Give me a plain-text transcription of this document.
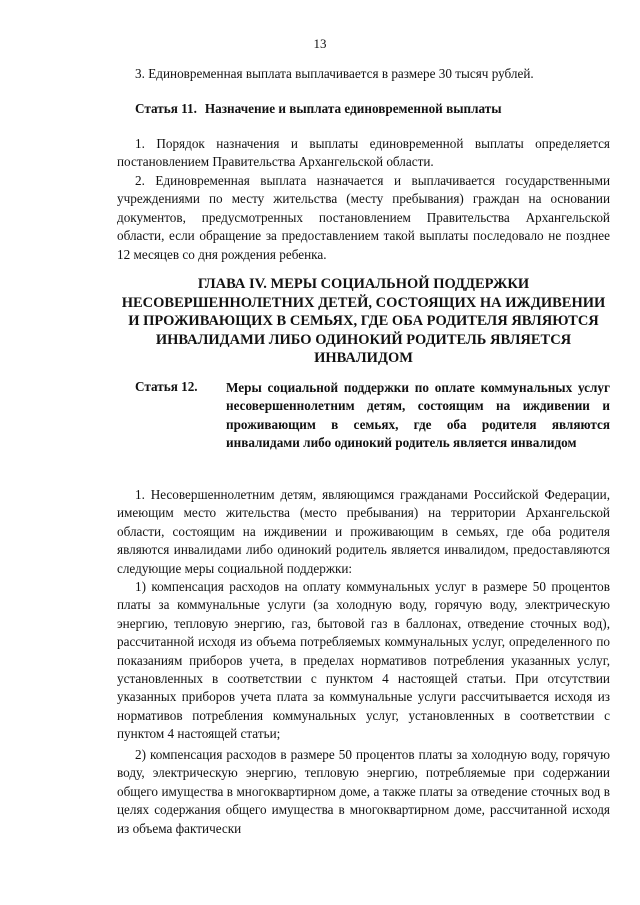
13

3. Единовременная выплата выплачивается в размере 30 тысяч рублей.

Статья 11. Назначение и выплата единовременной выплаты

1. Порядок назначения и выплаты единовременной выплаты определяется постановлением Правительства Архангельской области.

2. Единовременная выплата назначается и выплачивается государственными учреждениями по месту жительства (месту пребывания) граждан на основании документов, предусмотренных постановлением Правительства Архангельской области, если обращение за предоставлением такой выплаты последовало не позднее 12 месяцев со дня рождения ребенка.

ГЛАВА IV. МЕРЫ СОЦИАЛЬНОЙ ПОДДЕРЖКИ НЕСОВЕРШЕННОЛЕТНИХ ДЕТЕЙ, СОСТОЯЩИХ НА ИЖДИВЕНИИ И ПРОЖИВАЮЩИХ В СЕМЬЯХ, ГДЕ ОБА РОДИТЕЛЯ ЯВЛЯЮТСЯ ИНВАЛИДАМИ ЛИБО ОДИНОКИЙ РОДИТЕЛЬ ЯВЛЯЕТСЯ ИНВАЛИДОМ
Статья 12. Меры социальной поддержки по оплате коммунальных услуг несовершеннолетним детям, состоящим на иждивении и проживающим в семьях, где оба родителя являются инвалидами либо одинокий родитель является инвалидом

1. Несовершеннолетним детям, являющимся гражданами Российской Федерации, имеющим место жительства (место пребывания) на территории Архангельской области, состоящим на иждивении и проживающим в семьях, где оба родителя являются инвалидами либо одинокий родитель является инвалидом, предоставляются следующие меры социальной поддержки:

1) компенсация расходов на оплату коммунальных услуг в размере 50 процентов платы за коммунальные услуги (за холодную воду, горячую воду, электрическую энергию, тепловую энергию, газ, бытовой газ в баллонах, отведение сточных вод), рассчитанной исходя из объема потребляемых коммунальных услуг, определенного по показаниям приборов учета, в пределах нормативов потребления указанных услуг, установленных в соответствии с пунктом 4 настоящей статьи. При отсутствии указанных приборов учета плата за коммунальные услуги рассчитывается исходя из нормативов потребления коммунальных услуг, установленных в соответствии с пунктом 4 настоящей статьи;

2) компенсация расходов в размере 50 процентов платы за холодную воду, горячую воду, электрическую энергию, тепловую энергию, потребляемые при содержании общего имущества в многоквартирном доме, а также платы за отведение сточных вод в целях содержания общего имущества в многоквартирном доме, рассчитанной исходя из объема фактически
